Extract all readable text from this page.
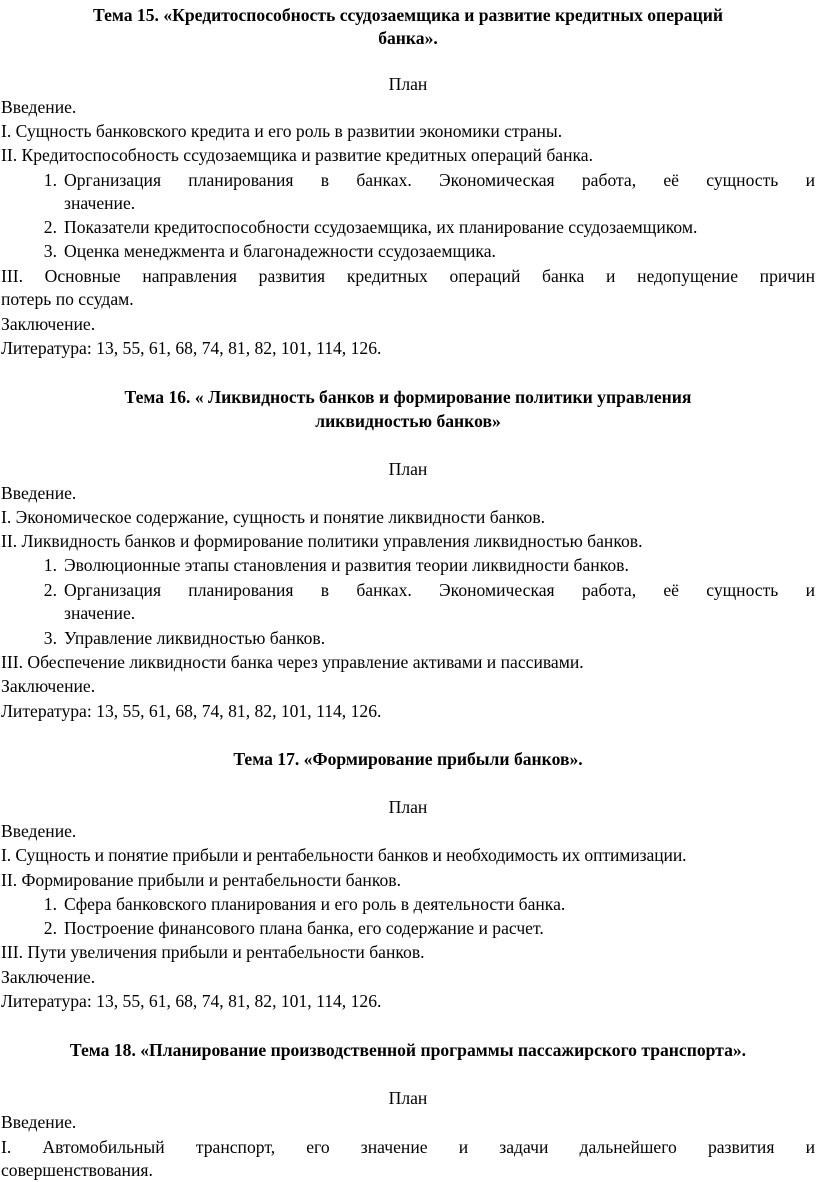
Тема 15. «Кредитоспособность ссудозаемщика и развитие кредитных операций
банка».
План
Введение.
I. Сущность банковского кредита и его роль в развитии экономики страны.
II. Кредитоспособность ссудозаемщика и развитие кредитных операций банка.
1. Организация планирования в банках. Экономическая работа, её сущность и
значение.
2. Показатели кредитоспособности ссудозаемщика, их планирование ссудозаемщиком.
3. Оценка менеджмента и благонадежности ссудозаемщика.
III. Основные направления развития кредитных операций банка и недопущение причин
потерь по ссудам.
Заключение.
Литература: 13, 55, 61, 68, 74, 81, 82, 101, 114, 126.
Тема 16. « Ликвидность банков и формирование политики управления
ликвидностью банков»
План
Введение.
I. Экономическое содержание, сущность и понятие ликвидности банков.
II. Ликвидность банков и формирование политики управления ликвидностью банков.
1. Эволюционные этапы становления и развития теории ликвидности банков.
2. Организация планирования в банках. Экономическая работа, её сущность и
значение.
3. Управление ликвидностью банков.
III. Обеспечение ликвидности банка через управление активами и пассивами.
Заключение.
Литература: 13, 55, 61, 68, 74, 81, 82, 101, 114, 126.
Тема 17. «Формирование прибыли банков».
План
Введение.
I. Сущность и понятие прибыли и рентабельности банков и необходимость их оптимизации.
II. Формирование прибыли и рентабельности банков.
1. Сфера банковского планирования и его роль в деятельности банка.
2. Построение финансового плана банка, его содержание и расчет.
III. Пути увеличения прибыли и рентабельности банков.
Заключение.
Литература: 13, 55, 61, 68, 74, 81, 82, 101, 114, 126.
Тема 18. «Планирование производственной программы пассажирского транспорта».
План
Введение.
I. Автомобильный транспорт, его значение и задачи дальнейшего развития и
совершенствования.
